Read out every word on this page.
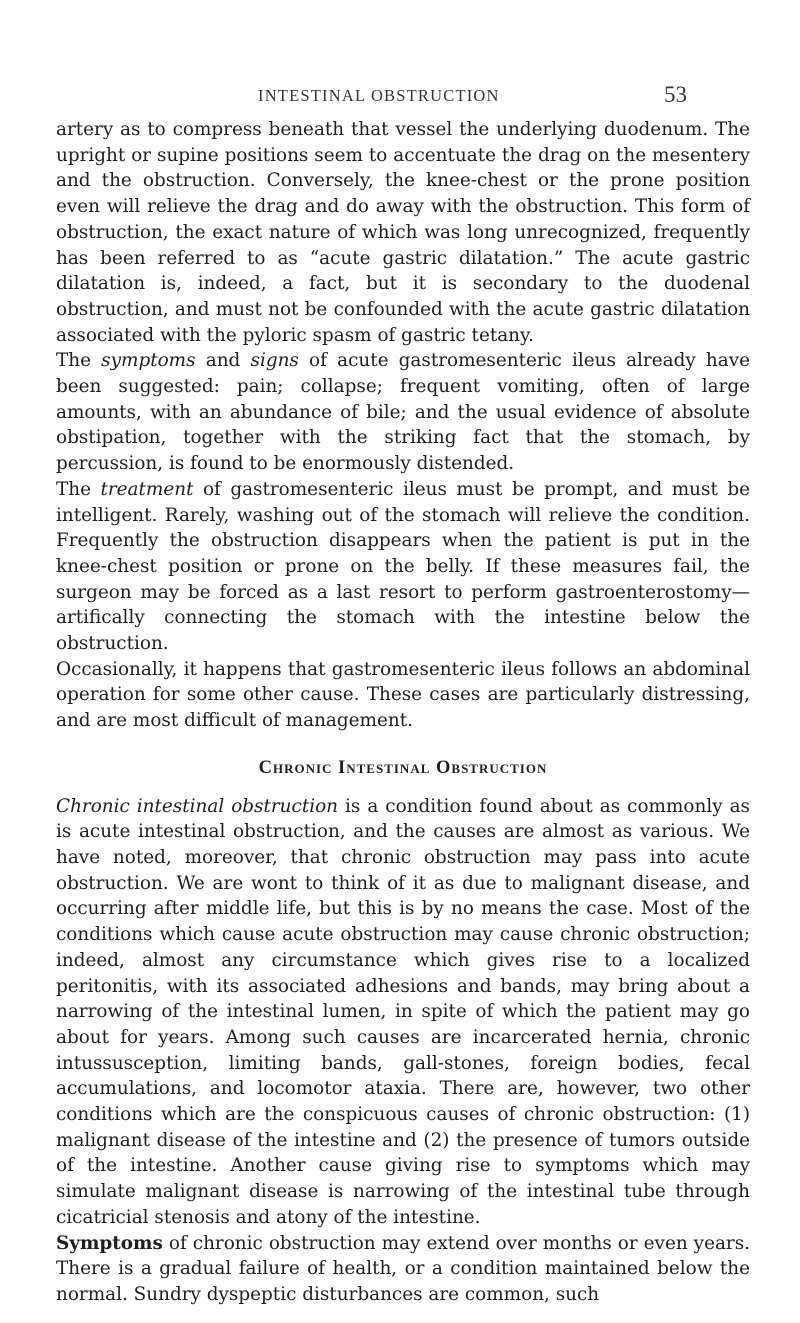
INTESTINAL OBSTRUCTION	53

artery as to compress beneath that vessel the underlying duodenum. The upright or supine positions seem to accentuate the drag on the mesentery and the obstruction. Conversely, the knee-chest or the prone position even will relieve the drag and do away with the obstruction. This form of obstruction, the exact nature of which was long unrecognized, frequently has been referred to as “acute gastric dilatation.” The acute gastric dilatation is, indeed, a fact, but it is secondary to the duodenal obstruction, and must not be confounded with the acute gastric dilatation associated with the pyloric spasm of gastric tetany.

The symptoms and signs of acute gastromesenteric ileus already have been suggested: pain; collapse; frequent vomiting, often of large amounts, with an abundance of bile; and the usual evidence of absolute obstipation, together with the striking fact that the stomach, by percussion, is found to be enormously distended.

The treatment of gastromesenteric ileus must be prompt, and must be intelligent. Rarely, washing out of the stomach will relieve the condition. Frequently the obstruction disappears when the patient is put in the knee-chest position or prone on the belly. If these measures fail, the surgeon may be forced as a last resort to perform gastroenterostomy—artifically connecting the stomach with the intestine below the obstruction.

Occasionally, it happens that gastromesenteric ileus follows an abdominal operation for some other cause. These cases are particularly distressing, and are most difficult of management.

Chronic Intestinal Obstruction

Chronic intestinal obstruction is a condition found about as commonly as is acute intestinal obstruction, and the causes are almost as various. We have noted, moreover, that chronic obstruction may pass into acute obstruction. We are wont to think of it as due to malignant disease, and occurring after middle life, but this is by no means the case. Most of the conditions which cause acute obstruction may cause chronic obstruction; indeed, almost any circumstance which gives rise to a localized peritonitis, with its associated adhesions and bands, may bring about a narrowing of the intestinal lumen, in spite of which the patient may go about for years. Among such causes are incarcerated hernia, chronic intussusception, limiting bands, gall-stones, foreign bodies, fecal accumulations, and locomotor ataxia. There are, however, two other conditions which are the conspicuous causes of chronic obstruction: (1) malignant disease of the intestine and (2) the presence of tumors outside of the intestine. Another cause giving rise to symptoms which may simulate malignant disease is narrowing of the intestinal tube through cicatricial stenosis and atony of the intestine.

Symptoms of chronic obstruction may extend over months or even years. There is a gradual failure of health, or a condition maintained below the normal. Sundry dyspeptic disturbances are common, such
